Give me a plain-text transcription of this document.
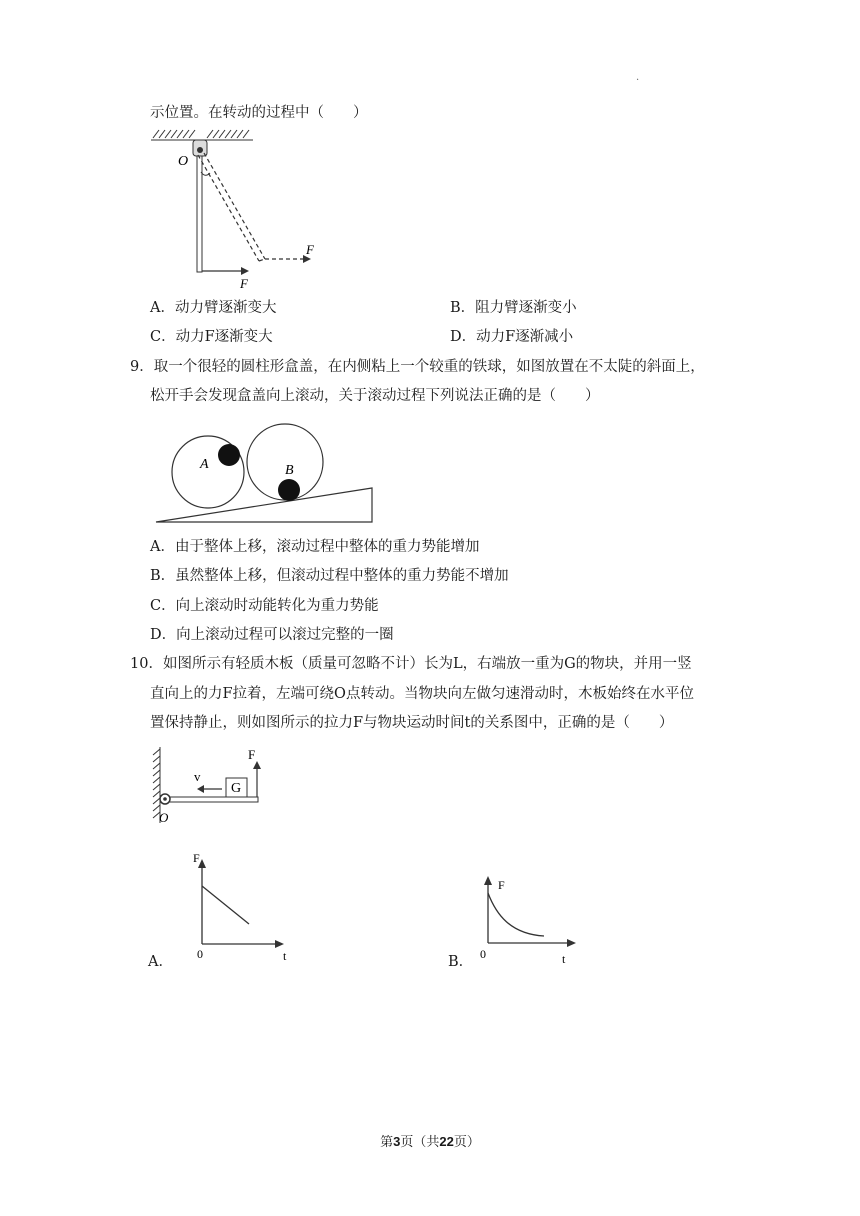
.
示位置。在转动的过程中（　　）
O
F
F
A．动力臂逐渐变大	B．阻力臂逐渐变小
C．动力F逐渐变大	D．动力F逐渐减小
9．取一个很轻的圆柱形盒盖，在内侧粘上一个较重的铁球，如图放置在不太陡的斜面上，
松开手会发现盒盖向上滚动，关于滚动过程下列说法正确的是（　　）
A	B
A．由于整体上移，滚动过程中整体的重力势能增加
B．虽然整体上移，但滚动过程中整体的重力势能不增加
C．向上滚动时动能转化为重力势能
D．向上滚动过程可以滚过完整的一圈
10．如图所示有轻质木板（质量可忽略不计）长为L，右端放一重为G的物块，并用一竖
直向上的力F拉着，左端可绕O点转动。当物块向左做匀速滑动时，木板始终在水平位
置保持静止，则如图所示的拉力F与物块运动时间t的关系图中，正确的是（　　）
G
v
F
O
A．
F
0	t	B．
F
0	t
第3页（共22页）
